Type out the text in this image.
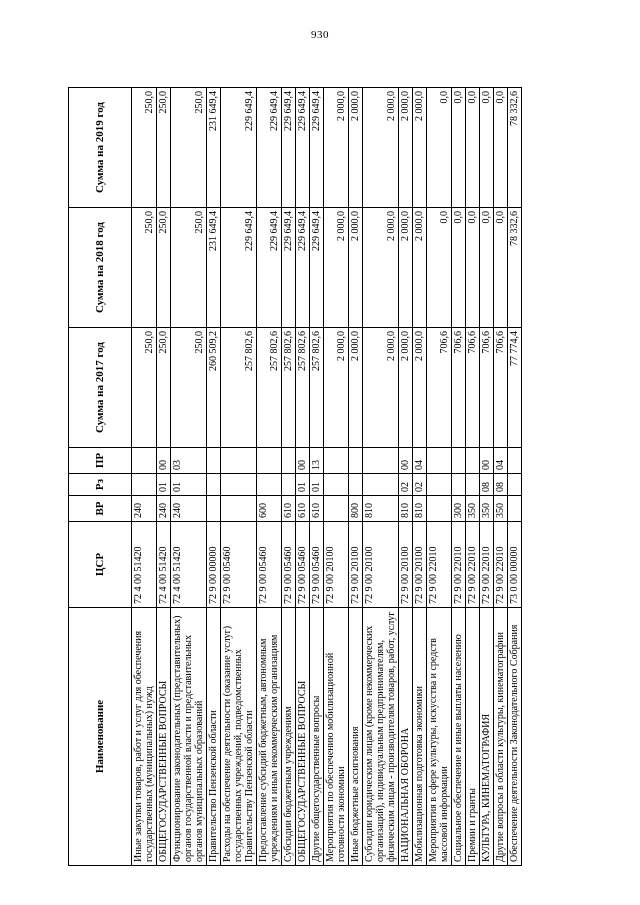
930
Наименование	ЦСР	ВР	Рз	ПР	Сумма на 2017 год	Сумма на 2018 год	Сумма на 2019 год
Иные закупки товаров, работ и услуг для обеспечения государственных (муниципальных) нужд	72 4 00 51420	240			250,0	250,0	250,0
ОБЩЕГОСУДАРСТВЕННЫЕ ВОПРОСЫ	72 4 00 51420	240	01	00	250,0	250,0	250,0
Функционирование законодательных (представительных) органов государственной власти и представительных органов муниципальных образований	72 4 00 51420	240	01	03	250,0	250,0	250,0
Правительство Пензенской области	72 9 00 00000				260 509,2	231 649,4	231 649,4
Расходы на обеспечение деятельности (оказание услуг) государственных учреждений, подведомственных Правительству Пензенской области	72 9 00 05460				257 802,6	229 649,4	229 649,4
Предоставление субсидий бюджетным, автономным учреждениям и иным некоммерческим организациям	72 9 00 05460	600			257 802,6	229 649,4	229 649,4
Субсидии бюджетным учреждениям	72 9 00 05460	610			257 802,6	229 649,4	229 649,4
ОБЩЕГОСУДАРСТВЕННЫЕ ВОПРОСЫ	72 9 00 05460	610	01	00	257 802,6	229 649,4	229 649,4
Другие общегосударственные вопросы	72 9 00 05460	610	01	13	257 802,6	229 649,4	229 649,4
Мероприятия по обеспечению мобилизационной готовности экономики	72 9 00 20100				2 000,0	2 000,0	2 000,0
Иные бюджетные ассигнования	72 9 00 20100	800			2 000,0	2 000,0	2 000,0
Субсидии юридическим лицам (кроме некоммерческих организаций), индивидуальным предпринимателям, физическим лицам - производителям товаров, работ, услуг	72 9 00 20100	810			2 000,0	2 000,0	2 000,0
НАЦИОНАЛЬНАЯ ОБОРОНА	72 9 00 20100	810	02	00	2 000,0	2 000,0	2 000,0
Мобилизационная подготовка экономики	72 9 00 20100	810	02	04	2 000,0	2 000,0	2 000,0
Мероприятия в сфере культуры, искусства и средств массовой информации	72 9 00 22010				706,6	0,0	0,0
Социальное обеспечение и иные выплаты населению	72 9 00 22010	300			706,6	0,0	0,0
Премии и гранты	72 9 00 22010	350			706,6	0,0	0,0
КУЛЬТУРА, КИНЕМАТОГРАФИЯ	72 9 00 22010	350	08	00	706,6	0,0	0,0
Другие вопросы в области культуры, кинематографии	72 9 00 22010	350	08	04	706,6	0,0	0,0
Обеспечение деятельности Законодательного Собрания	73 0 00 00000				77 774,4	78 332,6	78 332,6
